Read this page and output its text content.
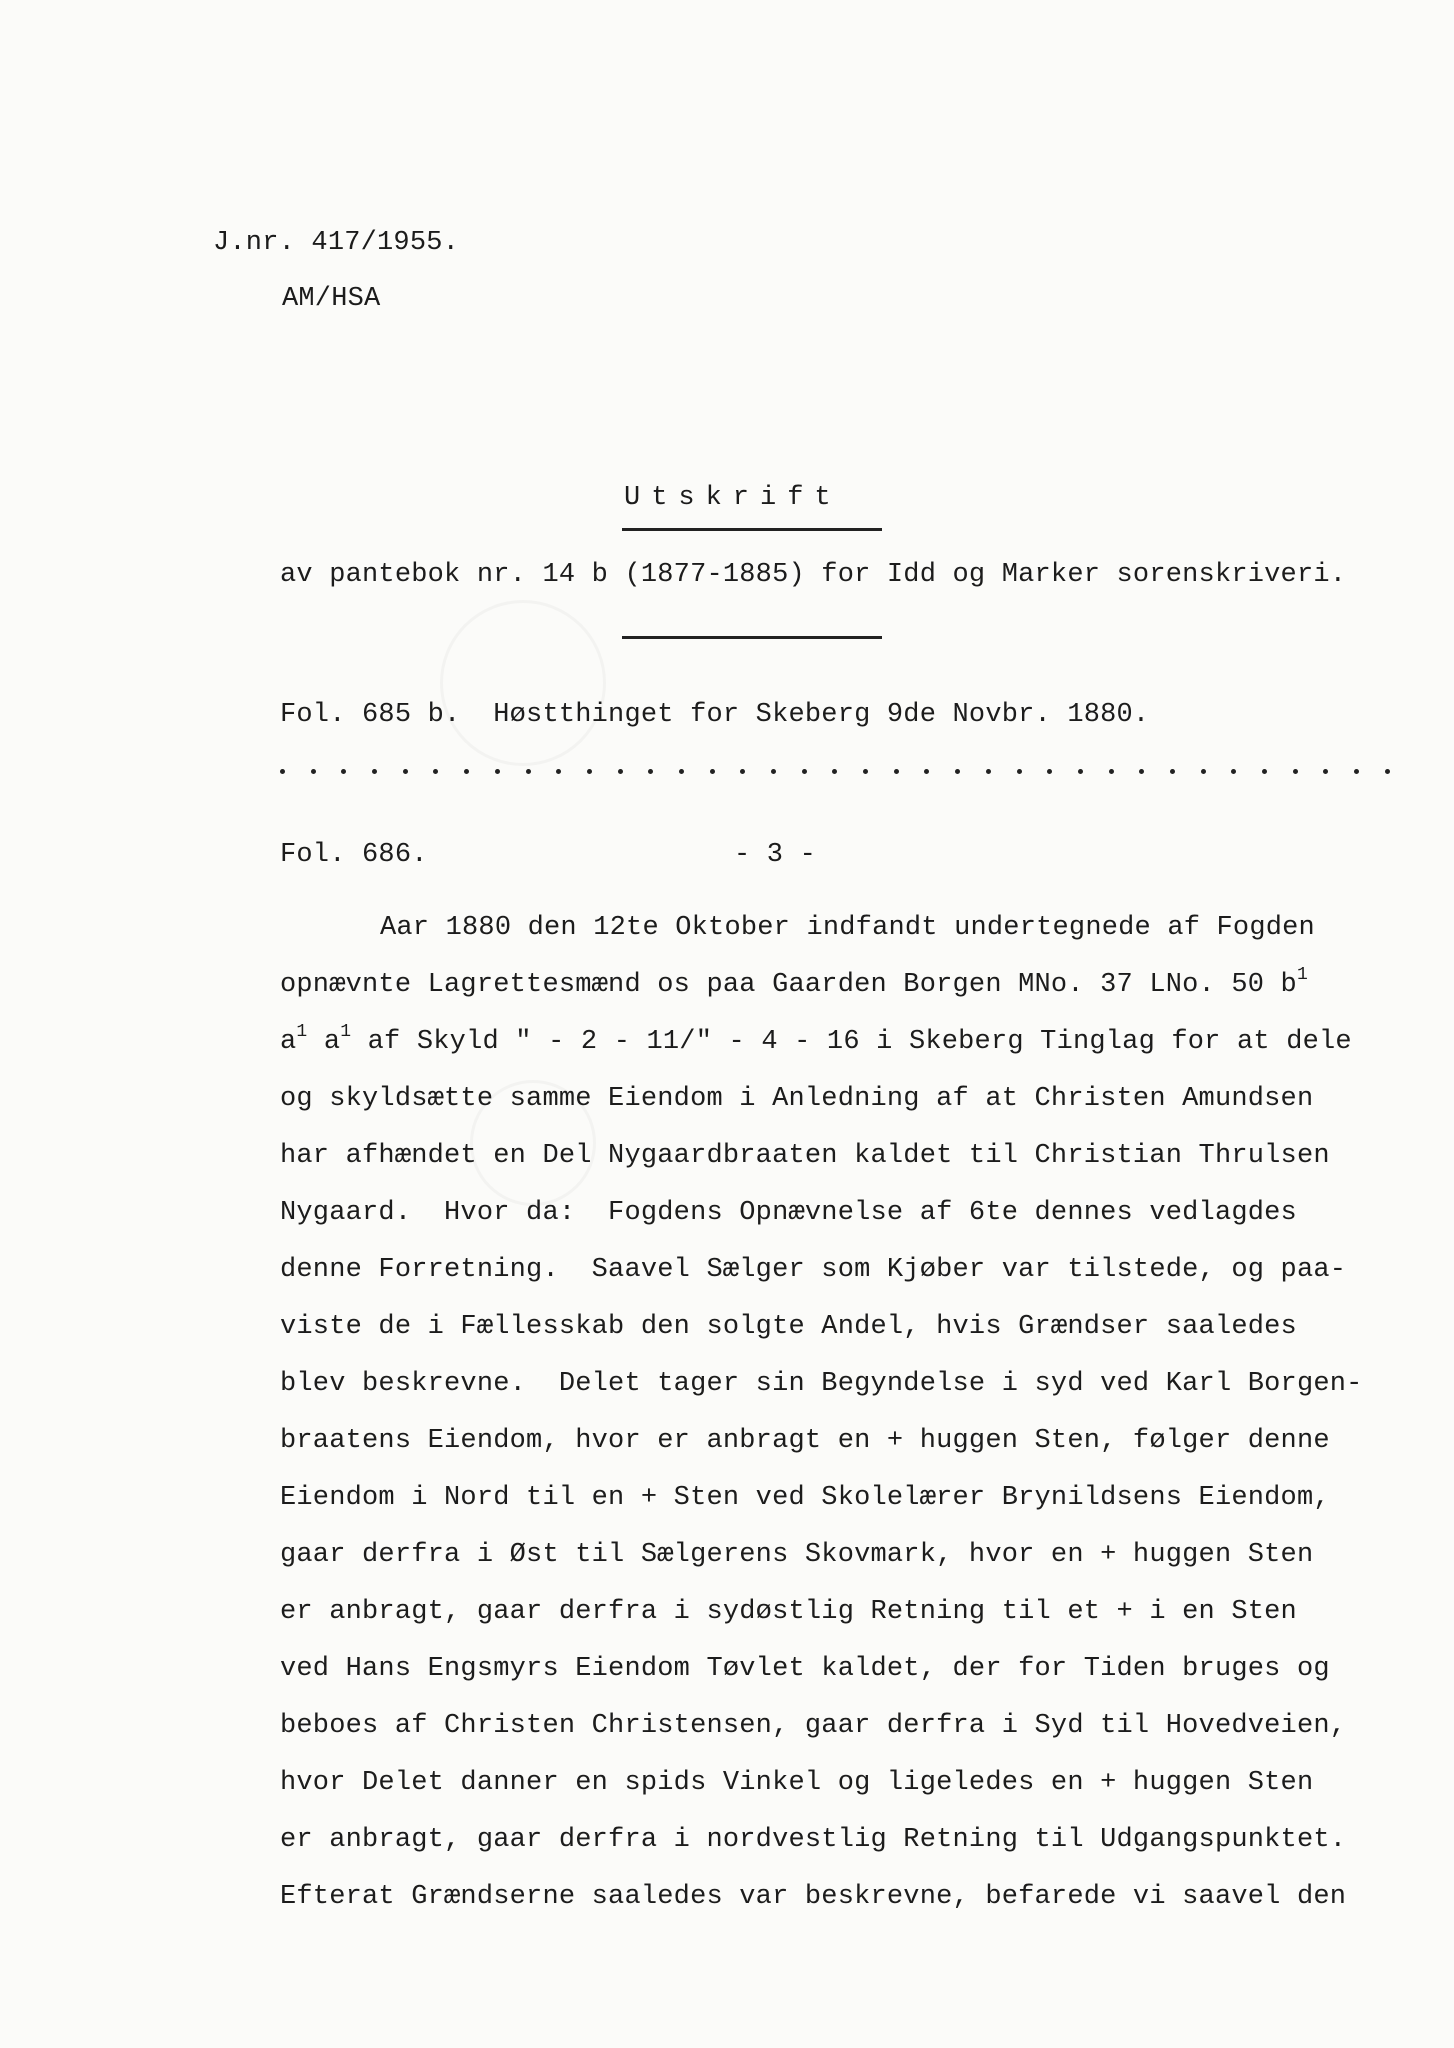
J.nr. 417/1955.
AM/HSA
Utskrift
av pantebok nr. 14 b (1877-1885) for Idd og Marker sorenskriveri.
Fol. 685 b.  Høstthinget for Skeberg 9de Novbr. 1880.
Fol. 686.	- 3 -
Aar 1880 den 12te Oktober indfandt undertegnede af Fogden
opnævnte Lagrettesmænd os paa Gaarden Borgen MNo. 37 LNo. 50 $b^1$
$a^1$ $a^1$ af Skyld " - 2 - 11/" - 4 - 16 i Skeberg Tinglag for at dele
og skyldsætte samme Eiendom i Anledning af at Christen Amundsen
har afhændet en Del Nygaardbraaten kaldet til Christian Thrulsen
Nygaard.  Hvor da:  Fogdens Opnævnelse af 6te dennes vedlagdes
denne Forretning.  Saavel Sælger som Kjøber var tilstede, og paa-
viste de i Fællesskab den solgte Andel, hvis Grændser saaledes
blev beskrevne.  Delet tager sin Begyndelse i syd ved Karl Borgen-
braatens Eiendom, hvor er anbragt en + huggen Sten, følger denne
Eiendom i Nord til en + Sten ved Skolelærer Brynildsens Eiendom,
gaar derfra i Øst til Sælgerens Skovmark, hvor en + huggen Sten
er anbragt, gaar derfra i sydøstlig Retning til et + i en Sten
ved Hans Engsmyrs Eiendom Tøvlet kaldet, der for Tiden bruges og
beboes af Christen Christensen, gaar derfra i Syd til Hovedveien,
hvor Delet danner en spids Vinkel og ligeledes en + huggen Sten
er anbragt, gaar derfra i nordvestlig Retning til Udgangspunktet.
Efterat Grændserne saaledes var beskrevne, befarede vi saavel den
